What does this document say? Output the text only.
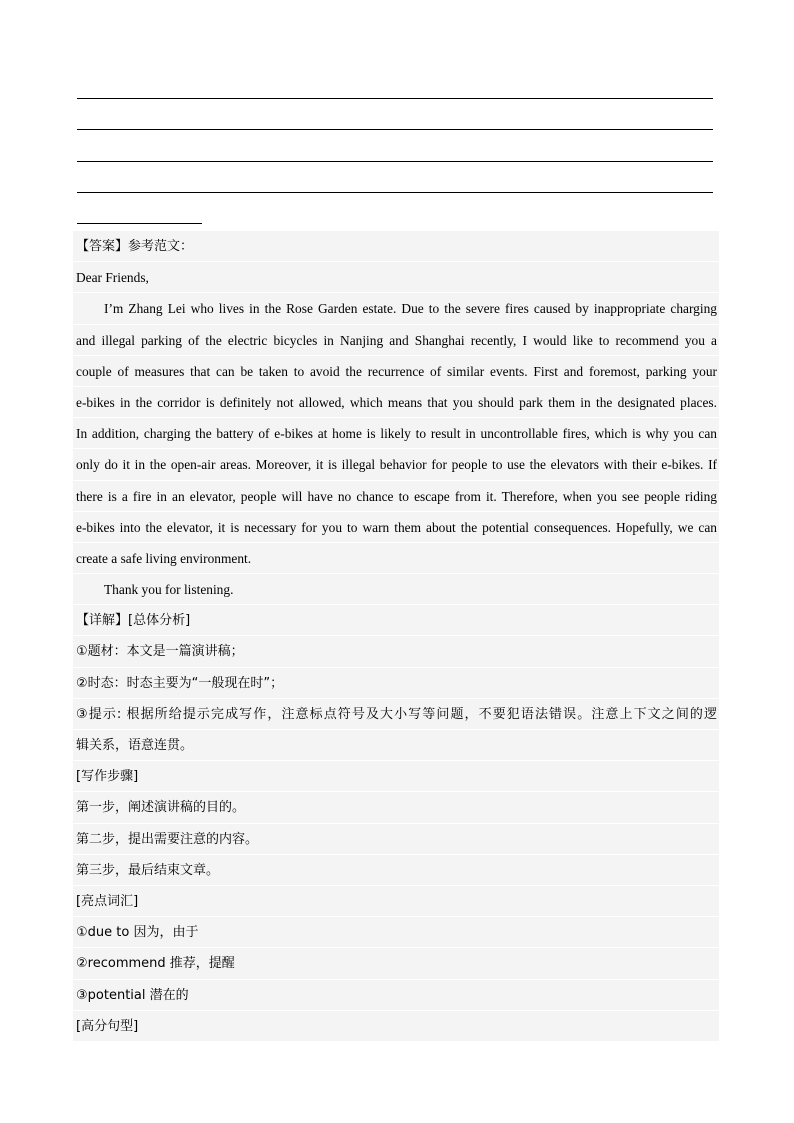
【答案】参考范文：
Dear Friends,
I’m Zhang Lei who lives in the Rose Garden estate. Due to the severe fires caused by inappropriate charging
and illegal parking of the electric bicycles in Nanjing and Shanghai recently, I would like to recommend you a
couple of measures that can be taken to avoid the recurrence of similar events. First and foremost, parking your
e-bikes in the corridor is definitely not allowed, which means that you should park them in the designated places.
In addition, charging the battery of e-bikes at home is likely to result in uncontrollable fires, which is why you can
only do it in the open-air areas. Moreover, it is illegal behavior for people to use the elevators with their e-bikes. If
there is a fire in an elevator, people will have no chance to escape from it. Therefore, when you see people riding
e-bikes into the elevator, it is necessary for you to warn them about the potential consequences. Hopefully, we can
create a safe living environment.
Thank you for listening.
【详解】[总体分析]
①题材：本文是一篇演讲稿；
②时态：时态主要为“一般现在时”；
③提示: 根据所给提示完成写作，注意标点符号及大小写等问题，不要犯语法错误。注意上下文之间的逻
辑关系，语意连贯。
[写作步骤]
第一步，阐述演讲稿的目的。
第二步，提出需要注意的内容。
第三步，最后结束文章。
[亮点词汇]
①due to 因为，由于
②recommend 推荐，提醒
③potential 潜在的
[高分句型]
